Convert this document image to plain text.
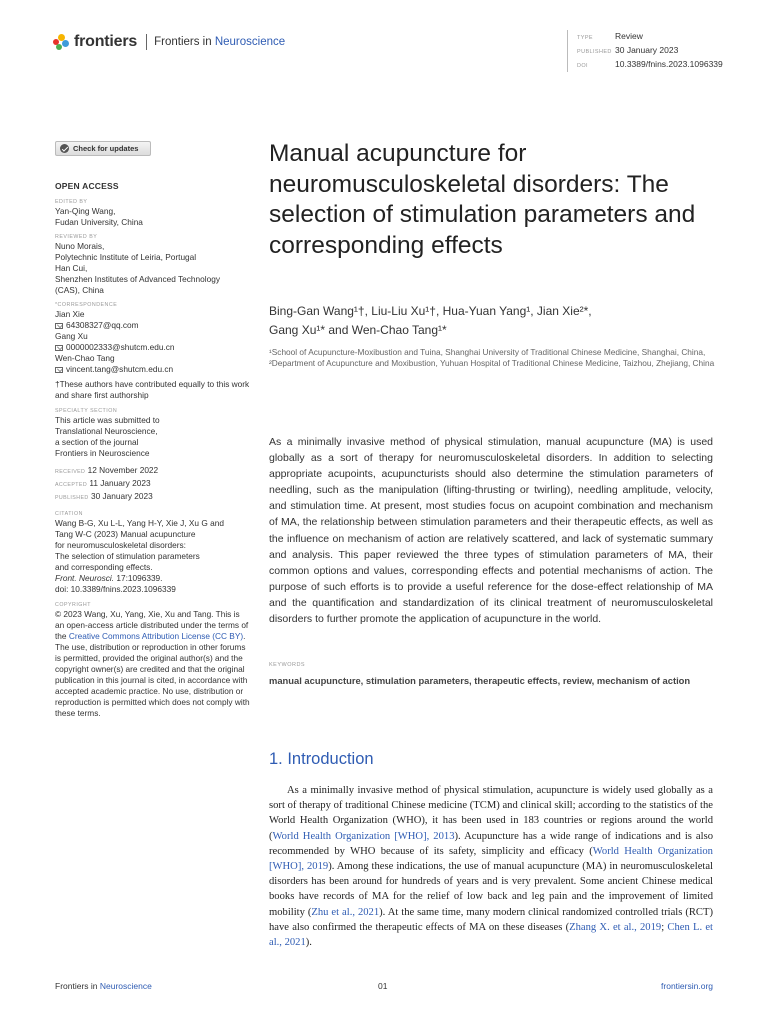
frontiers Frontiers in Neuroscience	TYPE	Review
PUBLISHED 30 January 2023
DOI	10.3389/fnins.2023.1096339
Check for updates
OPEN ACCESS
EDITED BY
Yan-Qing Wang,
Fudan University, China
REVIEWED BY
Nuno Morais,
Polytechnic Institute of Leiria, Portugal
Han Cui,
Shenzhen Institutes of Advanced Technology
(CAS), China
*CORRESPONDENCE
Jian Xie
64308327@qq.com
Gang Xu
0000002333@shutcm.edu.cn
Wen-Chao Tang
vincent.tang@shutcm.edu.cn
†These authors have contributed equally to this work and share first authorship
SPECIALTY SECTION
This article was submitted to
Translational Neuroscience,
a section of the journal
Frontiers in Neuroscience
RECEIVED 12 November 2022
ACCEPTED 11 January 2023
PUBLISHED 30 January 2023
CITATION
Wang B-G, Xu L-L, Yang H-Y, Xie J, Xu G and
Tang W-C (2023) Manual acupuncture
for neuromusculoskeletal disorders:
The selection of stimulation parameters
and corresponding effects.
Front. Neurosci. 17:1096339.
doi: 10.3389/fnins.2023.1096339
COPYRIGHT
© 2023 Wang, Xu, Yang, Xie, Xu and Tang. This is an open-access article distributed under the terms of the Creative Commons Attribution License (CC BY). The use, distribution or reproduction in other forums is permitted, provided the original author(s) and the copyright owner(s) are credited and that the original publication in this journal is cited, in accordance with accepted academic practice. No use, distribution or reproduction is permitted which does not comply with these terms.
Manual acupuncture for neuromusculoskeletal disorders: The selection of stimulation parameters and corresponding effects
Bing-Gan Wang¹†, Liu-Liu Xu¹†, Hua-Yuan Yang¹, Jian Xie²*,
Gang Xu¹* and Wen-Chao Tang¹*
¹School of Acupuncture-Moxibustion and Tuina, Shanghai University of Traditional Chinese Medicine, Shanghai, China, ²Department of Acupuncture and Moxibustion, Yuhuan Hospital of Traditional Chinese Medicine, Taizhou, Zhejiang, China
As a minimally invasive method of physical stimulation, manual acupuncture (MA) is used globally as a sort of therapy for neuromusculoskeletal disorders. In addition to selecting appropriate acupoints, acupuncturists should also determine the stimulation parameters of needling, such as the manipulation (lifting-thrusting or twirling), needling amplitude, velocity, and stimulation time. At present, most studies focus on acupoint combination and mechanism of MA, the relationship between stimulation parameters and their therapeutic effects, as well as the influence on mechanism of action are relatively scattered, and lack of systematic summary and analysis. This paper reviewed the three types of stimulation parameters of MA, their common options and values, corresponding effects and potential mechanisms of action. The purpose of such efforts is to provide a useful reference for the dose-effect relationship of MA and the quantification and standardization of its clinical treatment of neuromusculoskeletal disorders to further promote the application of acupuncture in the world.
KEYWORDS
manual acupuncture, stimulation parameters, therapeutic effects, review, mechanism of action
1. Introduction
As a minimally invasive method of physical stimulation, acupuncture is widely used globally as a sort of therapy of traditional Chinese medicine (TCM) and clinical skill; according to the statistics of the World Health Organization (WHO), it has been used in 183 countries or regions around the world (World Health Organization [WHO], 2013). Acupuncture has a wide range of indications and is also recommended by WHO because of its safety, simplicity and efficacy (World Health Organization [WHO], 2019). Among these indications, the use of manual acupuncture (MA) in neuromusculoskeletal disorders has been around for hundreds of years and is very prevalent. Some ancient Chinese medical books have records of MA for the relief of low back and leg pain and the improvement of limited mobility (Zhu et al., 2021). At the same time, many modern clinical randomized controlled trials (RCT) have also confirmed the therapeutic effects of MA on these diseases (Zhang X. et al., 2019; Chen L. et al., 2021).
Frontiers in Neuroscience	01	frontiersin.org
